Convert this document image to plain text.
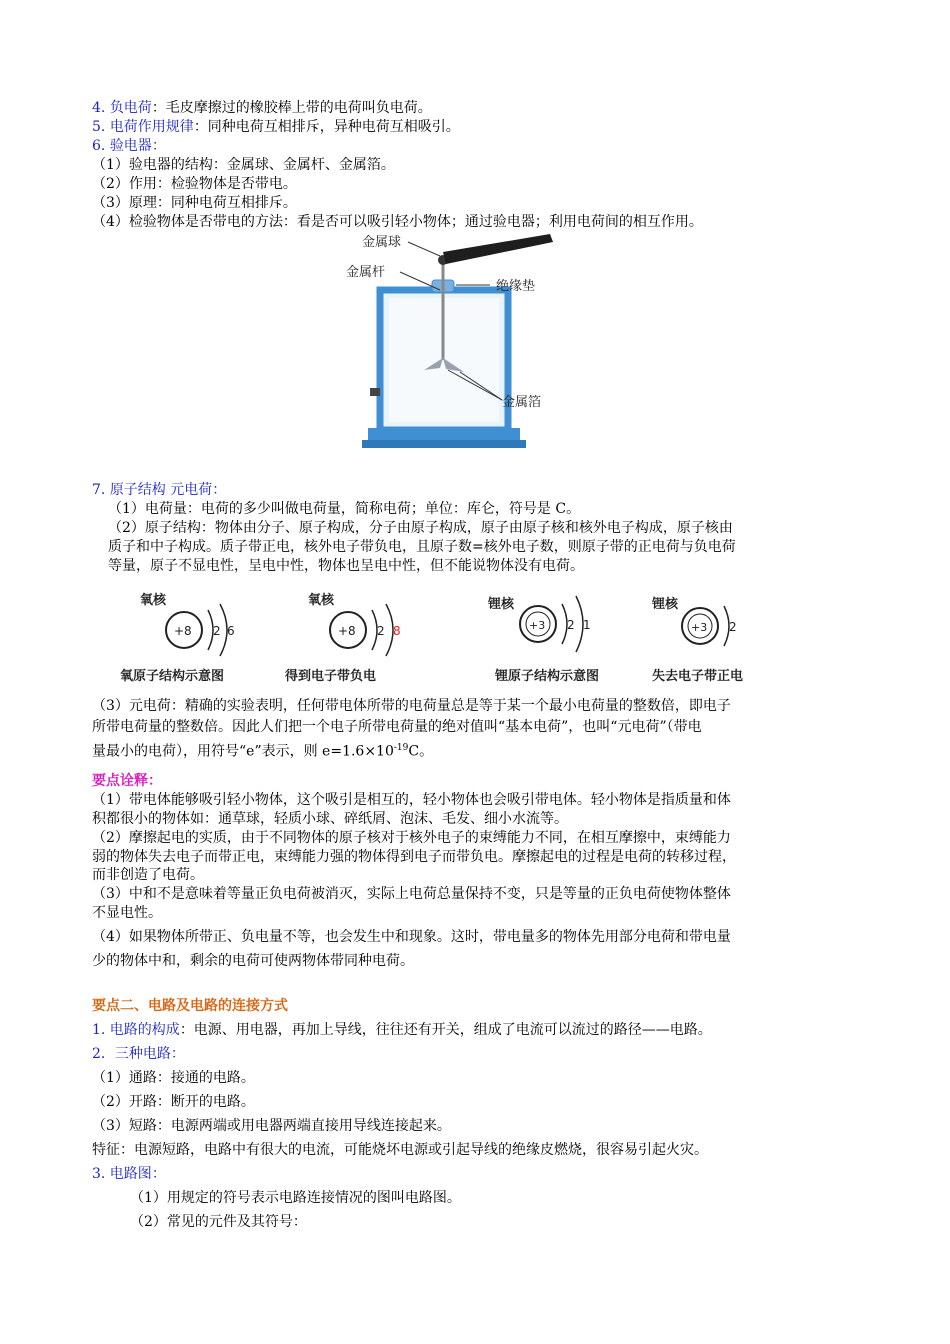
4. 负电荷：毛皮摩擦过的橡胶棒上带的电荷叫负电荷。
5. 电荷作用规律：同种电荷互相排斥，异种电荷互相吸引。
6. 验电器：
（1）验电器的结构：金属球、金属杆、金属箔。
（2）作用：检验物体是否带电。
（3）原理：同种电荷互相排斥。
（4）检验物体是否带电的方法：看是否可以吸引轻小物体；通过验电器；利用电荷间的相互作用。
金属球
金属杆
绝缘垫
金属箔
7. 原子结构 元电荷：
（1）电荷量：电荷的多少叫做电荷量，简称电荷；单位：库仑，符号是 C。
（2）原子结构：物体由分子、原子构成，分子由原子构成，原子由原子核和核外电子构成，原子核由
质子和中子构成。质子带正电，核外电子带负电，且原子数=核外电子数，则原子带的正电荷与负电荷
等量，原子不显电性，呈电中性，物体也呈电中性，但不能说物体没有电荷。
氧核
+8 2 6
氧原子结构示意图
氧核
+8 2 8
得到电子带负电
锂核
+3 2 1
锂原子结构示意图
锂核
+3 2
失去电子带正电
（3）元电荷：精确的实验表明，任何带电体所带的电荷量总是等于某一个最小电荷量的整数倍，即电子
所带电荷量的整数倍。因此人们把一个电子所带电荷量的绝对值叫“基本电荷”，也叫“元电荷”（带电
量最小的电荷），用符号“e”表示，则 $e=1.6\times 10^{-19}C$。
要点诠释：
（1）带电体能够吸引轻小物体，这个吸引是相互的，轻小物体也会吸引带电体。轻小物体是指质量和体
积都很小的物体如：通草球，轻质小球、碎纸屑、泡沫、毛发、细小水流等。
（2）摩擦起电的实质，由于不同物体的原子核对于核外电子的束缚能力不同，在相互摩擦中，束缚能力
弱的物体失去电子而带正电，束缚能力强的物体得到电子而带负电。摩擦起电的过程是电荷的转移过程，
而非创造了电荷。
（3）中和不是意味着等量正负电荷被消灭，实际上电荷总量保持不变，只是等量的正负电荷使物体整体
不显电性。
（4）如果物体所带正、负电量不等，也会发生中和现象。这时，带电量多的物体先用部分电荷和带电量
少的物体中和，剩余的电荷可使两物体带同种电荷。
要点二、电路及电路的连接方式
1. 电路的构成：电源、用电器，再加上导线，往往还有开关，组成了电流可以流过的路径——电路。
2．三种电路：
（1）通路：接通的电路。
（2）开路：断开的电路。
（3）短路：电源两端或用电器两端直接用导线连接起来。
特征：电源短路，电路中有很大的电流，可能烧坏电源或引起导线的绝缘皮燃烧，很容易引起火灾。
3. 电路图：
（1）用规定的符号表示电路连接情况的图叫电路图。
（2）常见的元件及其符号：
